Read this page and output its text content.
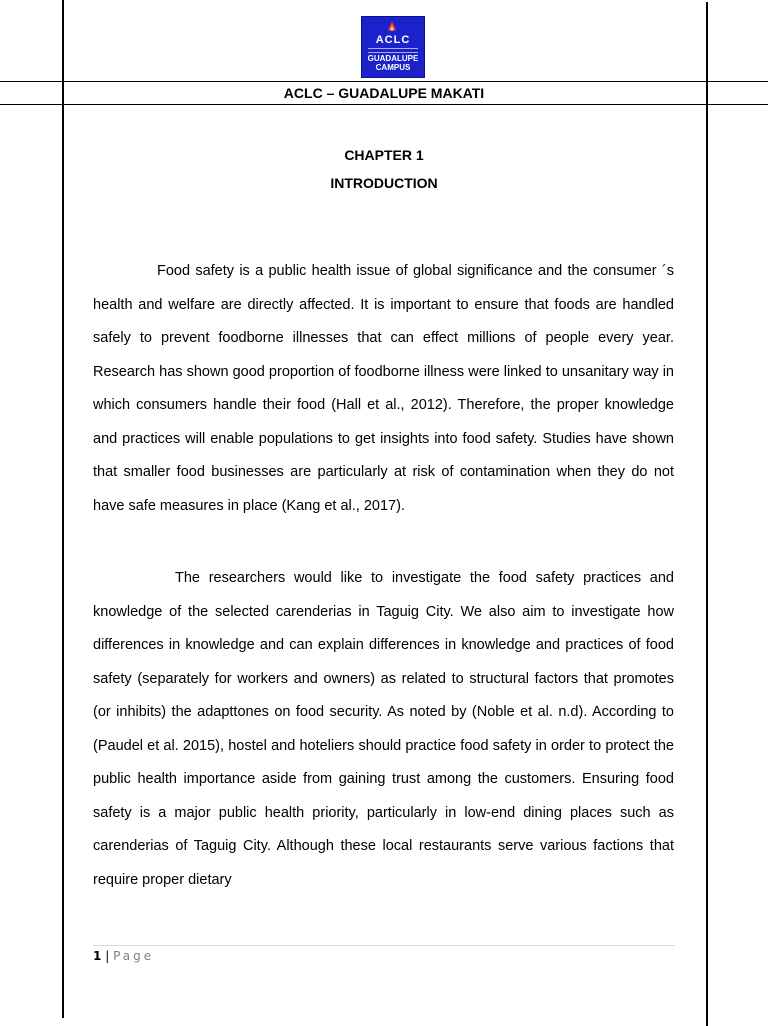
ACLC
GUADALUPE
CAMPUS
ACLC – GUADALUPE MAKATI
CHAPTER 1
INTRODUCTION

Food safety is a public health issue of global significance and the consumer ´s health and welfare are directly affected. It is important to ensure that foods are handled safely to prevent foodborne illnesses that can effect millions of people every year. Research has shown good proportion of foodborne illness were linked to unsanitary way in which consumers handle their food (Hall et al., 2012). Therefore, the proper knowledge and practices will enable populations to get insights into food safety. Studies have shown that smaller food businesses are particularly at risk of contamination when they do not have safe measures in place (Kang et al., 2017).

The researchers would like to investigate the food safety practices and knowledge of the selected carenderias in Taguig City. We also aim to investigate how differences in knowledge and can explain differences in knowledge and practices of food safety (separately for workers and owners) as related to structural factors that promotes (or inhibits) the adapttones on food security. As noted by (Noble et al. n.d). According to (Paudel et al. 2015), hostel and hoteliers should practice food safety in order to protect the public health importance aside from gaining trust among the customers. Ensuring food safety is a major public health priority, particularly in low-end dining places such as carenderias of Taguig City. Although these local restaurants serve various factions that require proper dietary

1 | Page
